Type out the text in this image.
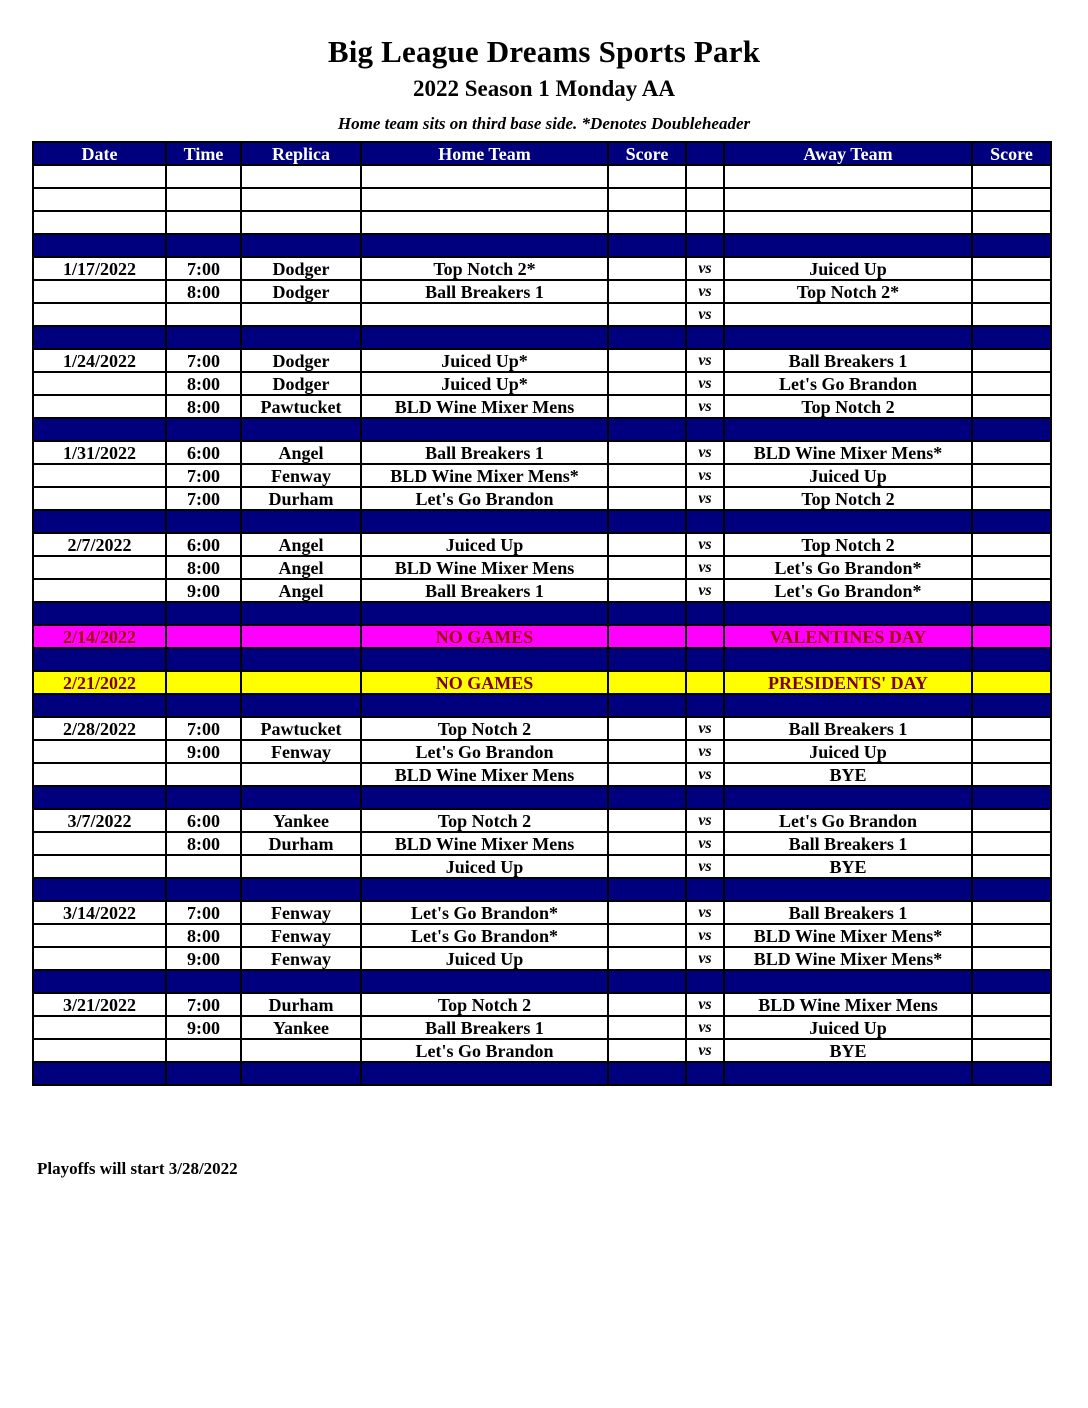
Big League Dreams Sports Park
2022 Season 1 Monday AA
Home team sits on third base side. *Denotes Doubleheader
Date	Time	Replica	Home Team	Score		Away Team	Score

1/17/2022	7:00	Dodger	Top Notch 2*		vs	Juiced Up	
	8:00	Dodger	Ball Breakers 1		vs	Top Notch 2*	
					vs		

1/24/2022	7:00	Dodger	Juiced Up*		vs	Ball Breakers 1	
	8:00	Dodger	Juiced Up*		vs	Let's Go Brandon	
	8:00	Pawtucket	BLD Wine Mixer Mens		vs	Top Notch 2	

1/31/2022	6:00	Angel	Ball Breakers 1		vs	BLD Wine Mixer Mens*	
	7:00	Fenway	BLD Wine Mixer Mens*		vs	Juiced Up	
	7:00	Durham	Let's Go Brandon		vs	Top Notch 2	

2/7/2022	6:00	Angel	Juiced Up		vs	Top Notch 2	
	8:00	Angel	BLD Wine Mixer Mens		vs	Let's Go Brandon*	
	9:00	Angel	Ball Breakers 1		vs	Let's Go Brandon*	

2/14/2022			NO GAMES			VALENTINES DAY	

2/21/2022			NO GAMES			PRESIDENTS' DAY	

2/28/2022	7:00	Pawtucket	Top Notch 2		vs	Ball Breakers 1	
	9:00	Fenway	Let's Go Brandon		vs	Juiced Up	
			BLD Wine Mixer Mens		vs	BYE	

3/7/2022	6:00	Yankee	Top Notch 2		vs	Let's Go Brandon	
	8:00	Durham	BLD Wine Mixer Mens		vs	Ball Breakers 1	
			Juiced Up		vs	BYE	

3/14/2022	7:00	Fenway	Let's Go Brandon*		vs	Ball Breakers 1	
	8:00	Fenway	Let's Go Brandon*		vs	BLD Wine Mixer Mens*	
	9:00	Fenway	Juiced Up		vs	BLD Wine Mixer Mens*	

3/21/2022	7:00	Durham	Top Notch 2		vs	BLD Wine Mixer Mens	
	9:00	Yankee	Ball Breakers 1		vs	Juiced Up	
			Let's Go Brandon		vs	BYE	

Playoffs will start 3/28/2022
